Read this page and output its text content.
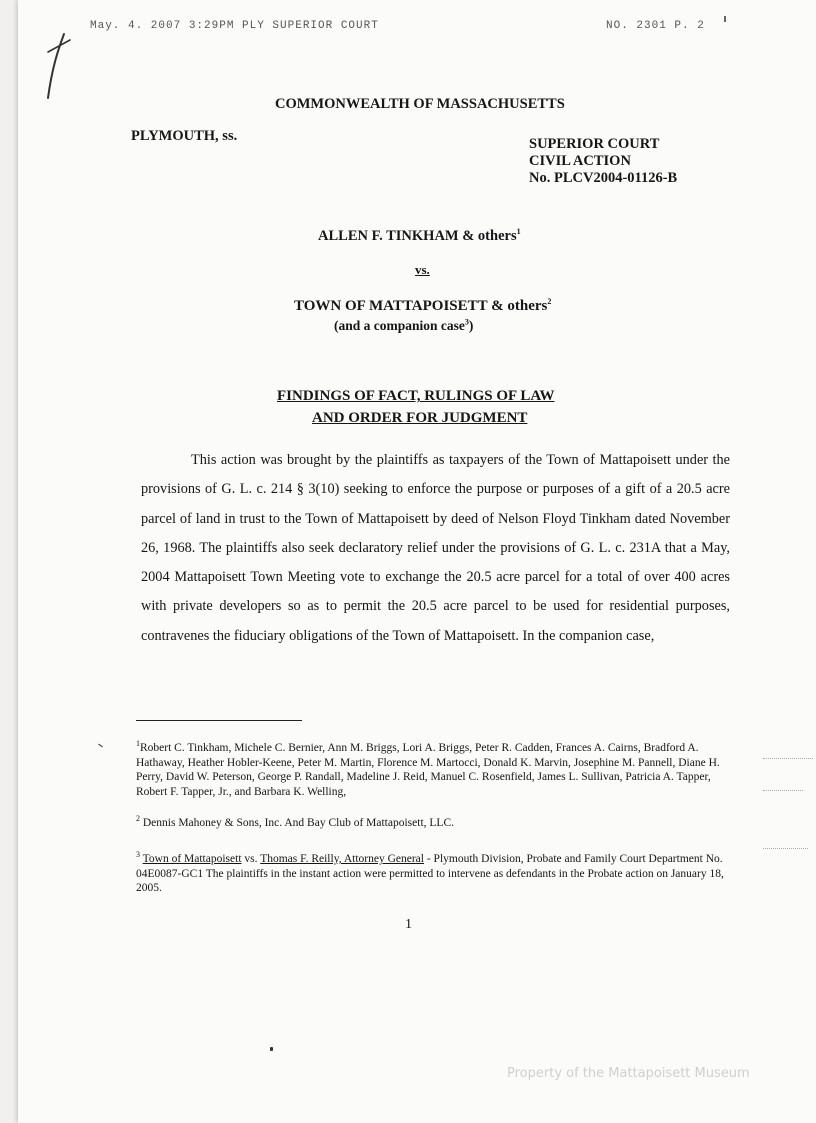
May. 4. 2007 3:29PM PLY SUPERIOR COURT	NO. 2301 P. 2

COMMONWEALTH OF MASSACHUSETTS
PLYMOUTH, ss.	SUPERIOR COURT
CIVIL ACTION
No. PLCV2004-01126-B
ALLEN F. TINKHAM & others$^1$
vs.
TOWN OF MATTAPOISETT & others$^2$
(and a companion case$^3$)
FINDINGS OF FACT, RULINGS OF LAW
AND ORDER FOR JUDGMENT

This action was brought by the plaintiffs as taxpayers of the Town of Mattapoisett under the provisions of G. L. c. 214 § 3(10) seeking to enforce the purpose or purposes of a gift of a 20.5 acre parcel of land in trust to the Town of Mattapoisett by deed of Nelson Floyd Tinkham dated November 26, 1968. The plaintiffs also seek declaratory relief under the provisions of G. L. c. 231A that a May, 2004 Mattapoisett Town Meeting vote to exchange the 20.5 acre parcel for a total of over 400 acres with private developers so as to permit the 20.5 acre parcel to be used for residential purposes, contravenes the fiduciary obligations of the Town of Mattapoisett. In the companion case,

$^1$Robert C. Tinkham, Michele C. Bernier, Ann M. Briggs, Lori A. Briggs, Peter R. Cadden, Frances A. Cairns, Bradford A. Hathaway, Heather Hobler-Keene, Peter M. Martin, Florence M. Martocci, Donald K. Marvin, Josephine M. Pannell, Diane H. Perry, David W. Peterson, George P. Randall, Madeline J. Reid, Manuel C. Rosenfield, James L. Sullivan, Patricia A. Tapper, Robert F. Tapper, Jr., and Barbara K. Welling,
$^2$ Dennis Mahoney & Sons, Inc. And Bay Club of Mattapoisett, LLC.
$^3$ Town of Mattapoisett vs. Thomas F. Reilly, Attorney General - Plymouth Division, Probate and Family Court Department No. 04E0087-GC1 The plaintiffs in the instant action were permitted to intervene as defendants in the Probate action on January 18, 2005.
1
Property of the Mattapoisett Museum
